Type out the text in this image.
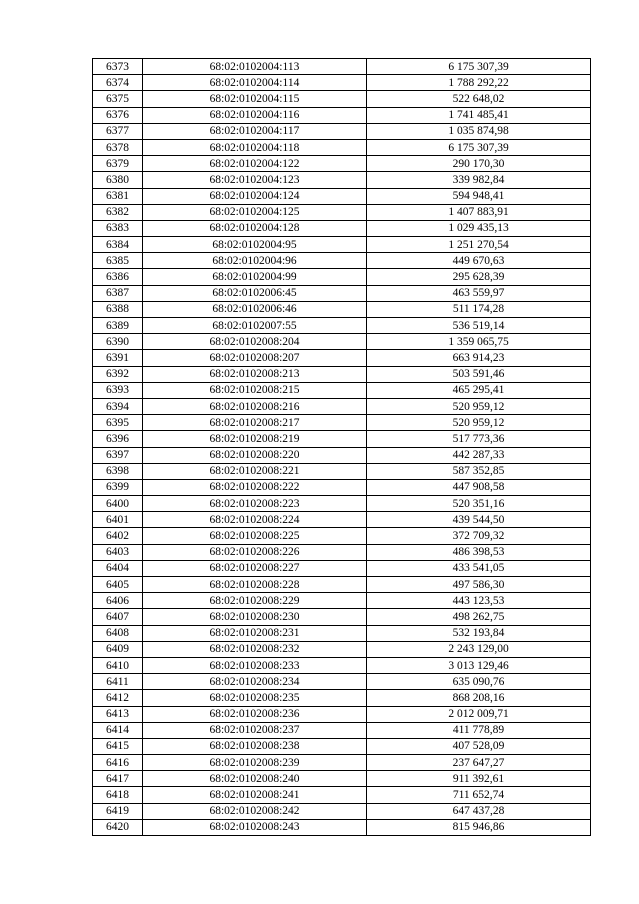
6373	68:02:0102004:113	6 175 307,39
6374	68:02:0102004:114	1 788 292,22
6375	68:02:0102004:115	522 648,02
6376	68:02:0102004:116	1 741 485,41
6377	68:02:0102004:117	1 035 874,98
6378	68:02:0102004:118	6 175 307,39
6379	68:02:0102004:122	290 170,30
6380	68:02:0102004:123	339 982,84
6381	68:02:0102004:124	594 948,41
6382	68:02:0102004:125	1 407 883,91
6383	68:02:0102004:128	1 029 435,13
6384	68:02:0102004:95	1 251 270,54
6385	68:02:0102004:96	449 670,63
6386	68:02:0102004:99	295 628,39
6387	68:02:0102006:45	463 559,97
6388	68:02:0102006:46	511 174,28
6389	68:02:0102007:55	536 519,14
6390	68:02:0102008:204	1 359 065,75
6391	68:02:0102008:207	663 914,23
6392	68:02:0102008:213	503 591,46
6393	68:02:0102008:215	465 295,41
6394	68:02:0102008:216	520 959,12
6395	68:02:0102008:217	520 959,12
6396	68:02:0102008:219	517 773,36
6397	68:02:0102008:220	442 287,33
6398	68:02:0102008:221	587 352,85
6399	68:02:0102008:222	447 908,58
6400	68:02:0102008:223	520 351,16
6401	68:02:0102008:224	439 544,50
6402	68:02:0102008:225	372 709,32
6403	68:02:0102008:226	486 398,53
6404	68:02:0102008:227	433 541,05
6405	68:02:0102008:228	497 586,30
6406	68:02:0102008:229	443 123,53
6407	68:02:0102008:230	498 262,75
6408	68:02:0102008:231	532 193,84
6409	68:02:0102008:232	2 243 129,00
6410	68:02:0102008:233	3 013 129,46
6411	68:02:0102008:234	635 090,76
6412	68:02:0102008:235	868 208,16
6413	68:02:0102008:236	2 012 009,71
6414	68:02:0102008:237	411 778,89
6415	68:02:0102008:238	407 528,09
6416	68:02:0102008:239	237 647,27
6417	68:02:0102008:240	911 392,61
6418	68:02:0102008:241	711 652,74
6419	68:02:0102008:242	647 437,28
6420	68:02:0102008:243	815 946,86
